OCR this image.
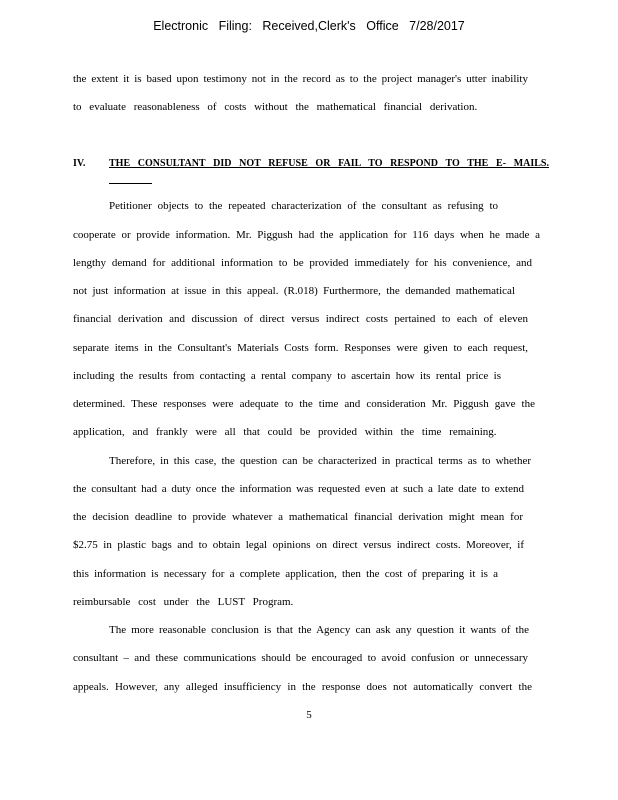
Electronic Filing: Received,Clerk's Office 7/28/2017
the extent it is based upon testimony not in the record as to the project manager's utter inability
to evaluate reasonableness of costs without the mathematical financial derivation.
IV. THE CONSULTANT DID NOT REFUSE OR FAIL TO RESPOND TO THE E- MAILS.
Petitioner objects to the repeated characterization of the consultant as refusing to
cooperate or provide information. Mr. Piggush had the application for 116 days when he made a
lengthy demand for additional information to be provided immediately for his convenience, and
not just information at issue in this appeal. (R.018) Furthermore, the demanded mathematical
financial derivation and discussion of direct versus indirect costs pertained to each of eleven
separate items in the Consultant's Materials Costs form. Responses were given to each request,
including the results from contacting a rental company to ascertain how its rental price is
determined. These responses were adequate to the time and consideration Mr. Piggush gave the
application, and frankly were all that could be provided within the time remaining.
Therefore, in this case, the question can be characterized in practical terms as to whether
the consultant had a duty once the information was requested even at such a late date to extend
the decision deadline to provide whatever a mathematical financial derivation might mean for
$2.75 in plastic bags and to obtain legal opinions on direct versus indirect costs. Moreover, if
this information is necessary for a complete application, then the cost of preparing it is a
reimbursable cost under the LUST Program.
The more reasonable conclusion is that the Agency can ask any question it wants of the
consultant – and these communications should be encouraged to avoid confusion or unnecessary
appeals. However, any alleged insufficiency in the response does not automatically convert the
5
